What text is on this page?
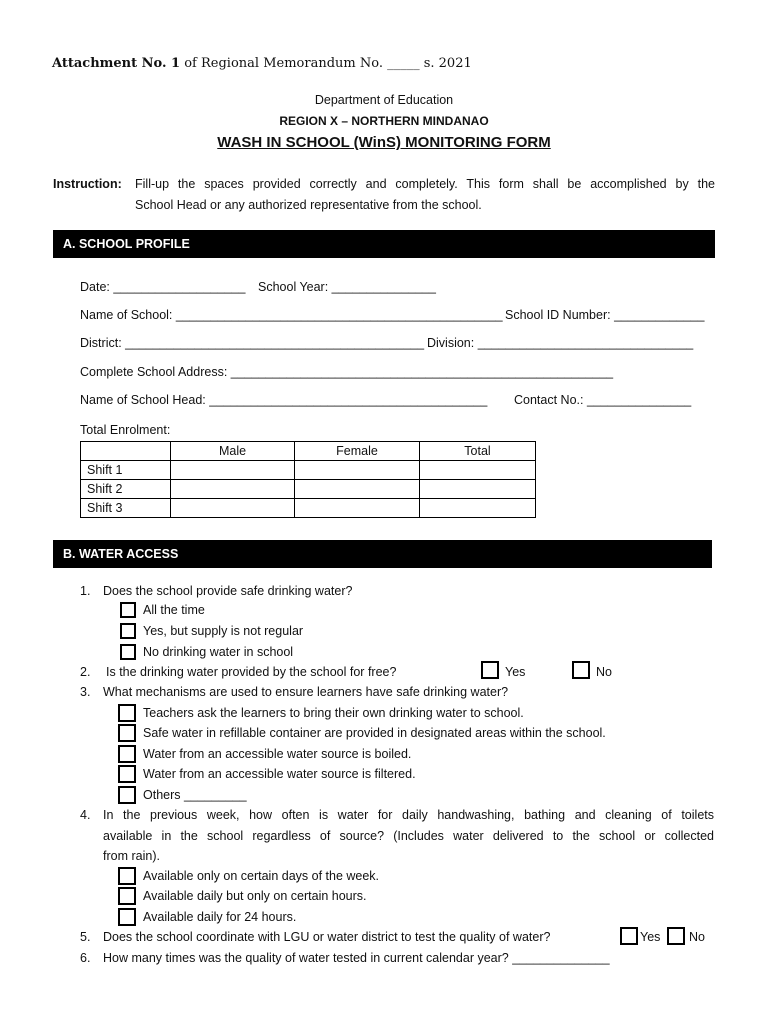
Attachment No. 1 of Regional Memorandum No. _____ s. 2021
Department of Education
REGION X – NORTHERN MINDANAO
WASH IN SCHOOL (WinS) MONITORING FORM
Instruction: Fill-up the spaces provided correctly and completely. This form shall be accomplished by the
School Head or any authorized representative from the school.
A. SCHOOL PROFILE
Date: ___________________ School Year: _______________
Name of School: _______________________________________________ School ID Number: _____________
District: ___________________________________________ Division: _______________________________
Complete School Address: _______________________________________________________
Name of School Head: ________________________________________ Contact No.: _______________
Total Enrolment:
	Male	Female	Total
Shift 1			
Shift 2			
Shift 3			
B. WATER ACCESS
1. Does the school provide safe drinking water?
All the time
Yes, but supply is not regular
No drinking water in school
2. Is the drinking water provided by the school for free?	Yes	No
3. What mechanisms are used to ensure learners have safe drinking water?
Teachers ask the learners to bring their own drinking water to school.
Safe water in refillable container are provided in designated areas within the school.
Water from an accessible water source is boiled.
Water from an accessible water source is filtered.
Others _________
4. In the previous week, how often is water for daily handwashing, bathing and cleaning of toilets
available in the school regardless of source? (Includes water delivered to the school or collected
from rain).
Available only on certain days of the week.
Available daily but only on certain hours.
Available daily for 24 hours.
5. Does the school coordinate with LGU or water district to test the quality of water?	Yes No
6. How many times was the quality of water tested in current calendar year? ______________
